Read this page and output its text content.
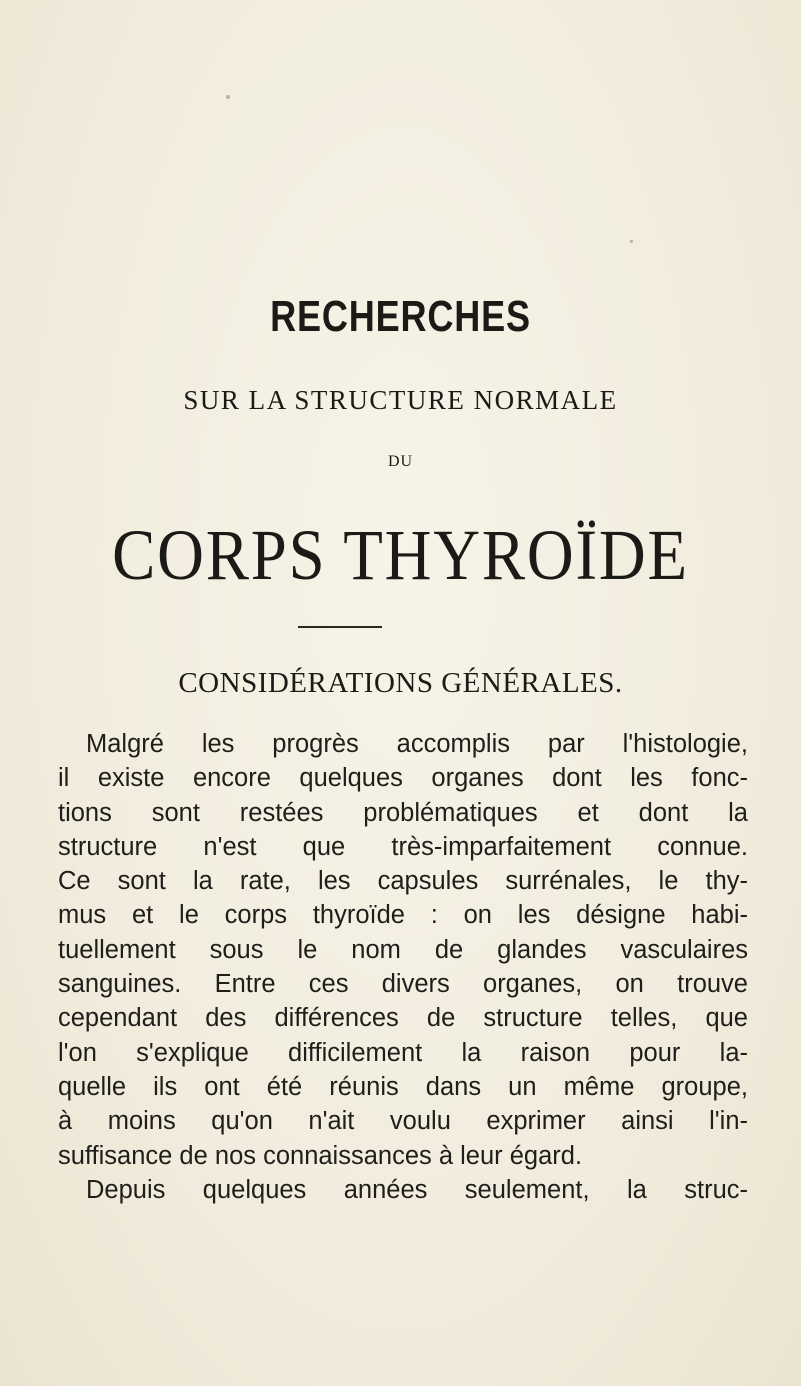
RECHERCHES
SUR LA STRUCTURE NORMALE
DU
CORPS THYROÏDE
CONSIDÉRATIONS GÉNÉRALES.
Malgré les progrès accomplis par l'histologie,
il existe encore quelques organes dont les fonc-
tions sont restées problématiques et dont la
structure n'est que très-imparfaitement connue.
Ce sont la rate, les capsules surrénales, le thy-
mus et le corps thyroïde : on les désigne habi-
tuellement sous le nom de glandes vasculaires
sanguines. Entre ces divers organes, on trouve
cependant des différences de structure telles, que
l'on s'explique difficilement la raison pour la-
quelle ils ont été réunis dans un même groupe,
à moins qu'on n'ait voulu exprimer ainsi l'in-
suffisance de nos connaissances à leur égard.
Depuis quelques années seulement, la struc-
